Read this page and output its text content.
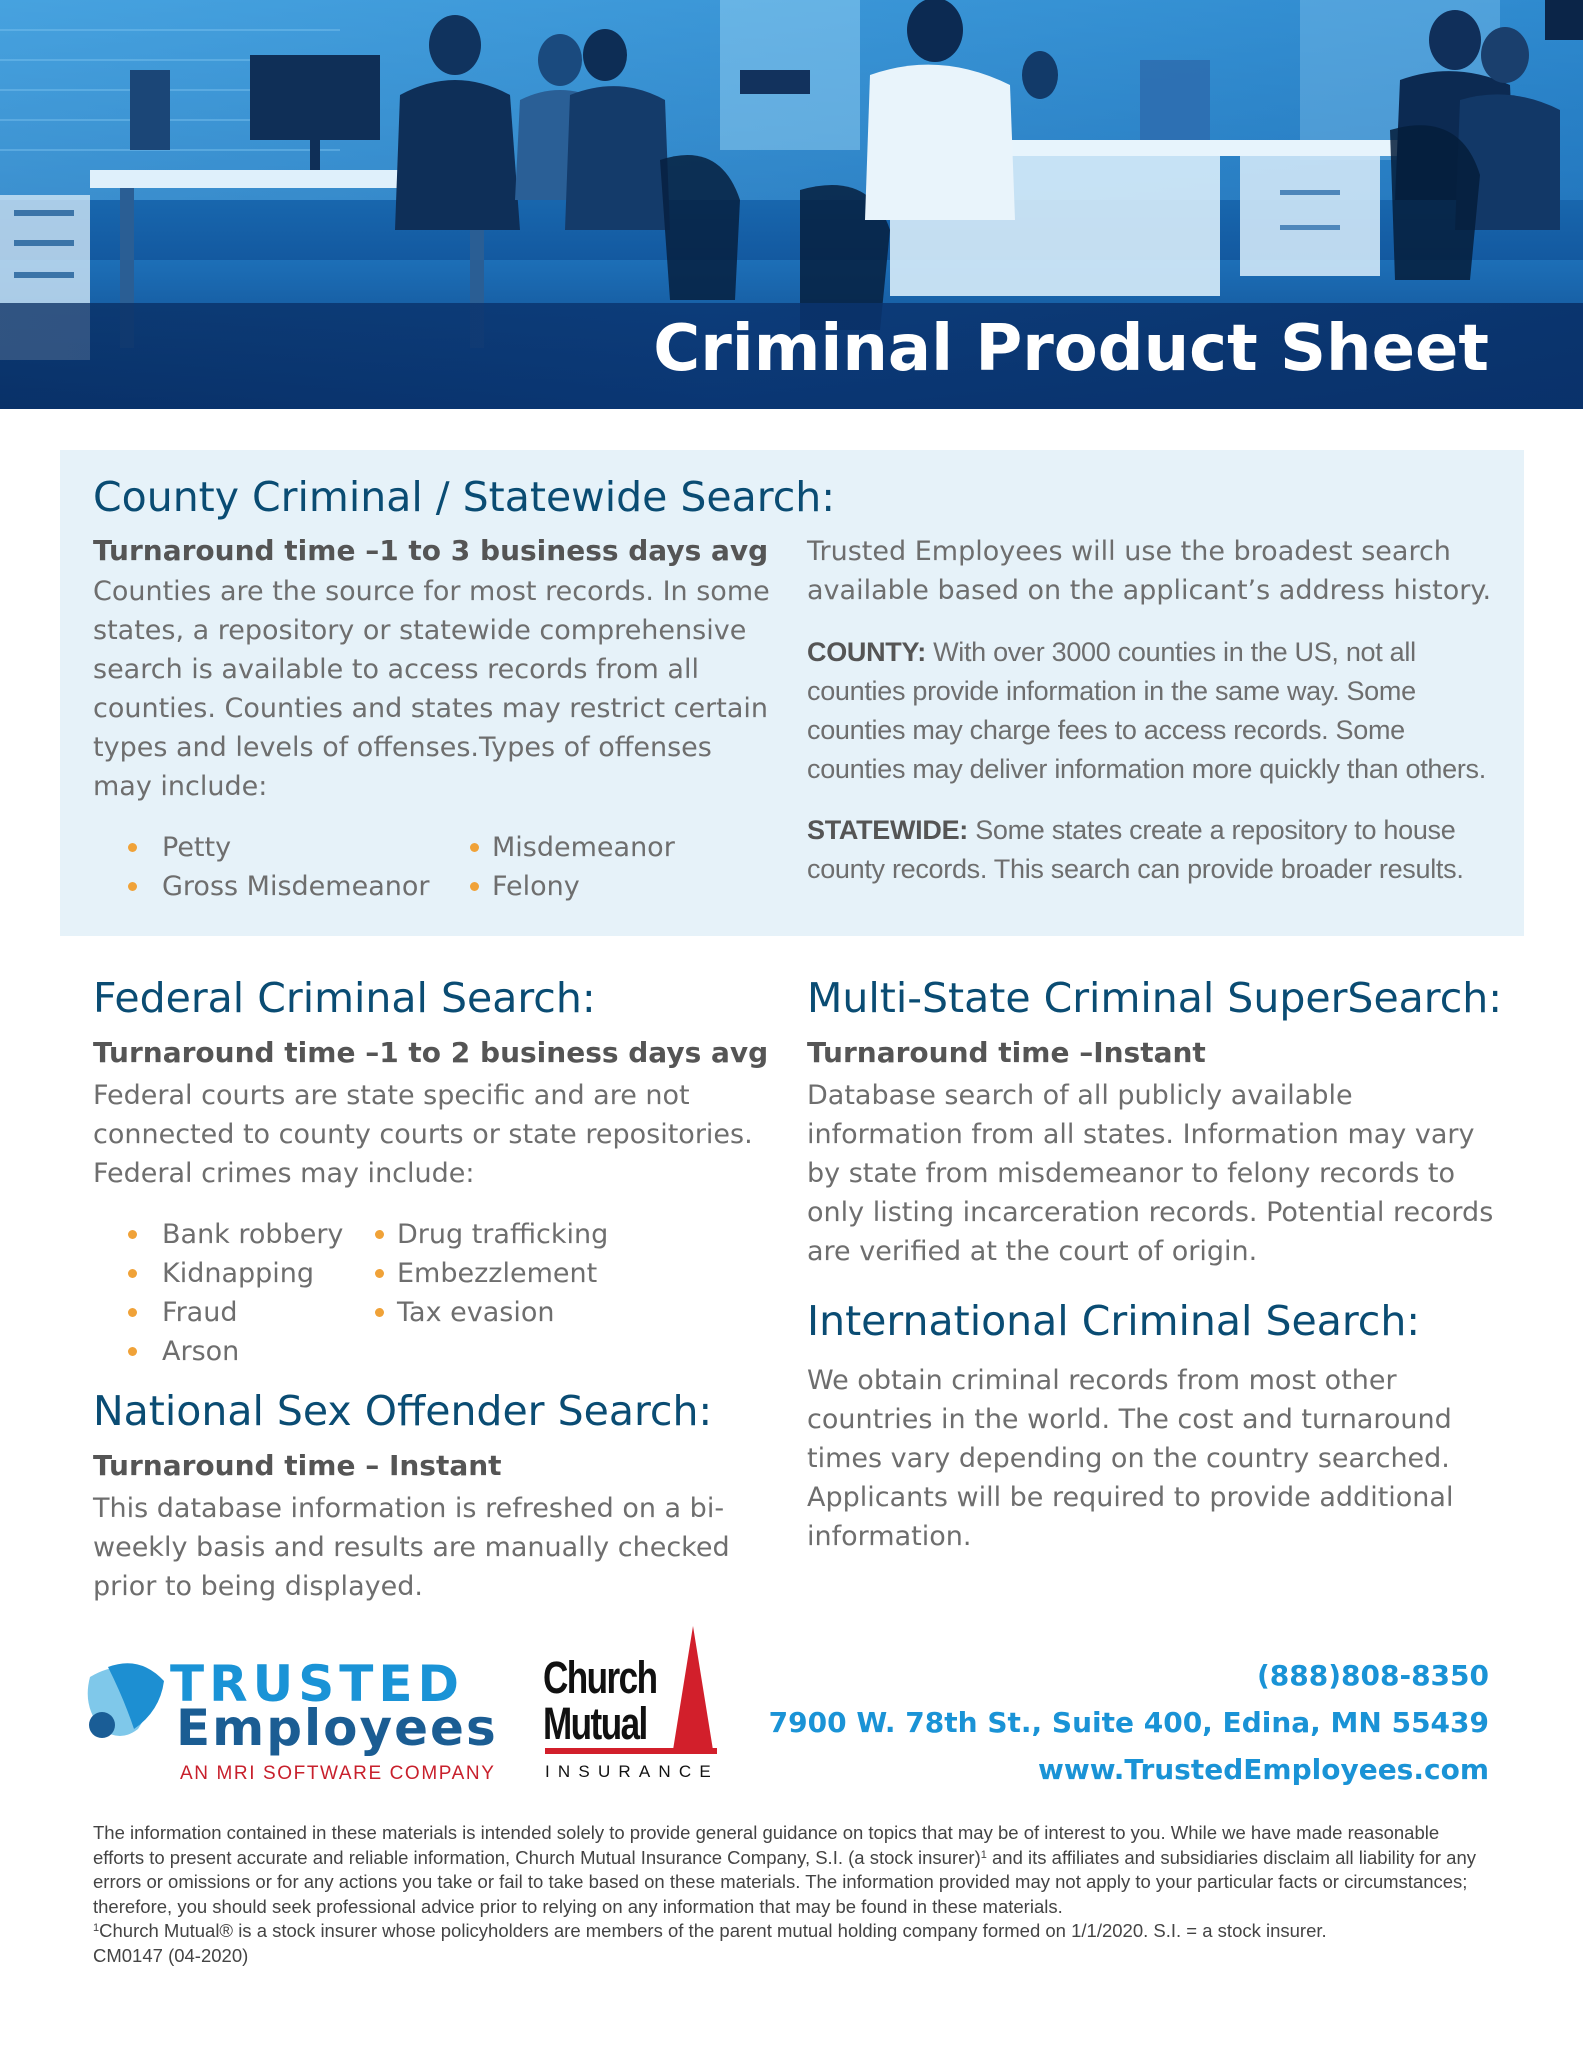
Criminal Product Sheet
County Criminal / Statewide Search:
Turnaround time –1 to 3 business days avg
Counties are the source for most records. In some states, a repository or statewide comprehensive search is available to access records from all counties. Counties and states may restrict certain types and levels of offenses.Types of offenses may include:
Petty
Gross Misdemeanor
Misdemeanor
Felony
Trusted Employees will use the broadest search available based on the applicant’s address history.
COUNTY: With over 3000 counties in the US, not all counties provide information in the same way. Some counties may charge fees to access records. Some counties may deliver information more quickly than others.
STATEWIDE: Some states create a repository to house county records. This search can provide broader results.
Federal Criminal Search:
Turnaround time –1 to 2 business days avg
Federal courts are state specific and are not connected to county courts or state repositories. Federal crimes may include:
Bank robbery
Kidnapping
Fraud
Arson
Drug trafficking
Embezzlement
Tax evasion
National Sex Offender Search:
Turnaround time – Instant
This database information is refreshed on a bi-weekly basis and results are manually checked prior to being displayed.
Multi-State Criminal SuperSearch:
Turnaround time –Instant
Database search of all publicly available information from all states. Information may vary by state from misdemeanor to felony records to only listing incarceration records. Potential records are verified at the court of origin.
International Criminal Search:
We obtain criminal records from most other countries in the world. The cost and turnaround times vary depending on the country searched. Applicants will be required to provide additional information.
TRUSTED
Employees
AN MRI SOFTWARE COMPANY
Church
Mutual
INSURANCE
(888)808-8350
7900 W. 78th St., Suite 400, Edina, MN 55439
www.TrustedEmployees.com

The information contained in these materials is intended solely to provide general guidance on topics that may be of interest to you. While we have made reasonable efforts to present accurate and reliable information, Church Mutual Insurance Company, S.I. (a stock insurer)$^1$ and its affiliates and subsidiaries disclaim all liability for any errors or omissions or for any actions you take or fail to take based on these materials. The information provided may not apply to your particular facts or circumstances; therefore, you should seek professional advice prior to relying on any information that may be found in these materials.

$^1$Church Mutual® is a stock insurer whose policyholders are members of the parent mutual holding company formed on 1/1/2020. S.I. = a stock insurer.

CM0147 (04-2020)
